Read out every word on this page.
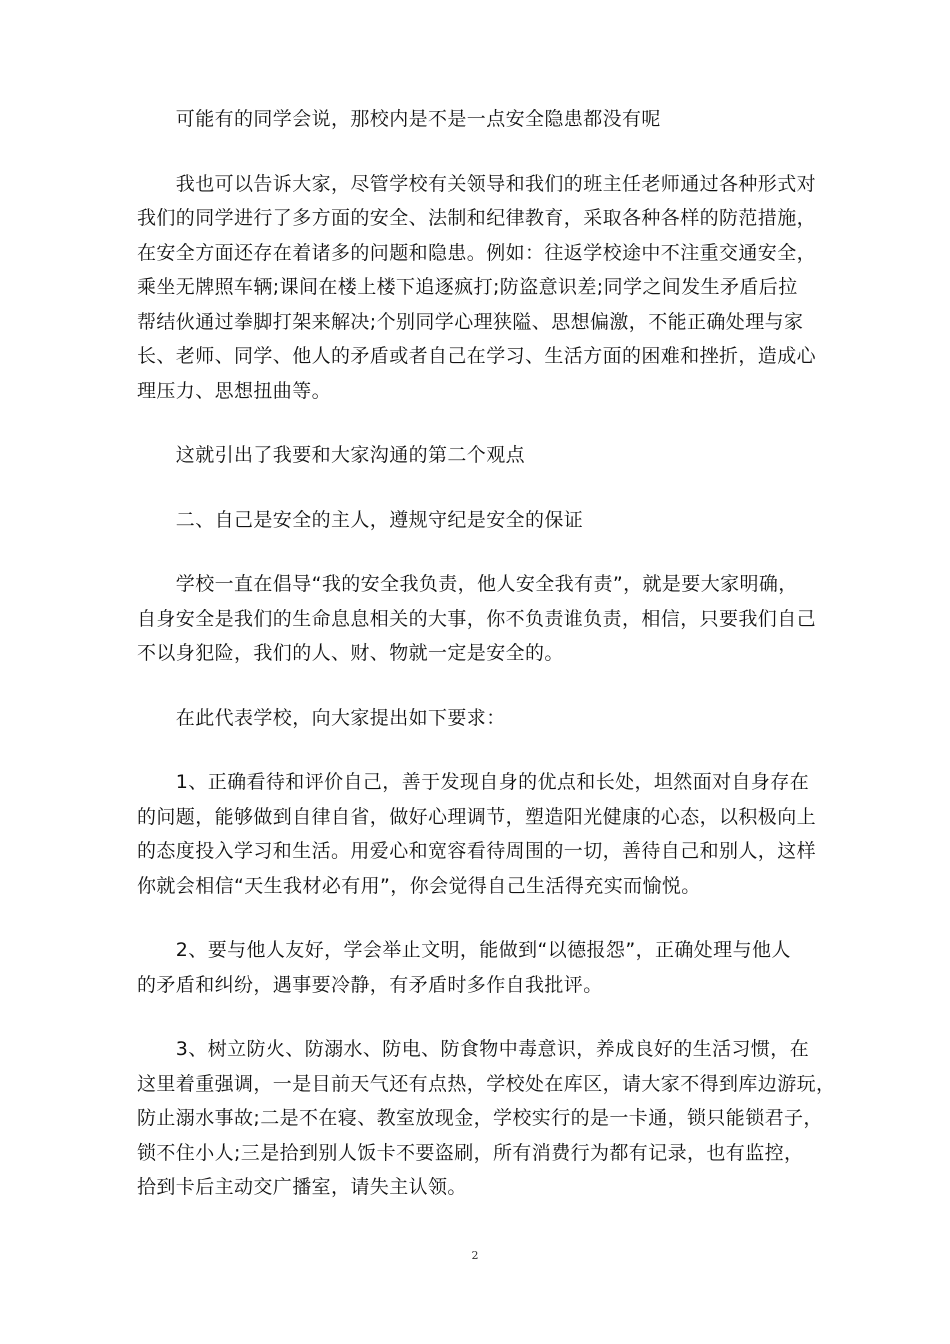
　　可能有的同学会说，那校内是不是一点安全隐患都没有呢

　　我也可以告诉大家，尽管学校有关领导和我们的班主任老师通过各种形式对
我们的同学进行了多方面的安全、法制和纪律教育，采取各种各样的防范措施，
在安全方面还存在着诸多的问题和隐患。例如：往返学校途中不注重交通安全，
乘坐无牌照车辆;课间在楼上楼下追逐疯打;防盗意识差;同学之间发生矛盾后拉
帮结伙通过拳脚打架来解决;个别同学心理狭隘、思想偏激，不能正确处理与家
长、老师、同学、他人的矛盾或者自己在学习、生活方面的困难和挫折，造成心
理压力、思想扭曲等。

　　这就引出了我要和大家沟通的第二个观点

　　二、自己是安全的主人，遵规守纪是安全的保证

　　学校一直在倡导“我的安全我负责，他人安全我有责”，就是要大家明确，
自身安全是我们的生命息息相关的大事，你不负责谁负责，相信，只要我们自己
不以身犯险，我们的人、财、物就一定是安全的。

　　在此代表学校，向大家提出如下要求：

　　1、正确看待和评价自己，善于发现自身的优点和长处，坦然面对自身存在
的问题，能够做到自律自省，做好心理调节，塑造阳光健康的心态，以积极向上
的态度投入学习和生活。用爱心和宽容看待周围的一切，善待自己和别人，这样
你就会相信“天生我材必有用”，你会觉得自己生活得充实而愉悦。

　　2、要与他人友好，学会举止文明，能做到“以德报怨”，正确处理与他人
的矛盾和纠纷，遇事要冷静，有矛盾时多作自我批评。

　　3、树立防火、防溺水、防电、防食物中毒意识，养成良好的生活习惯，在
这里着重强调，一是目前天气还有点热，学校处在库区，请大家不得到库边游玩，
防止溺水事故;二是不在寝、教室放现金，学校实行的是一卡通，锁只能锁君子，
锁不住小人;三是拾到别人饭卡不要盗刷，所有消费行为都有记录，也有监控，
拾到卡后主动交广播室，请失主认领。

2
